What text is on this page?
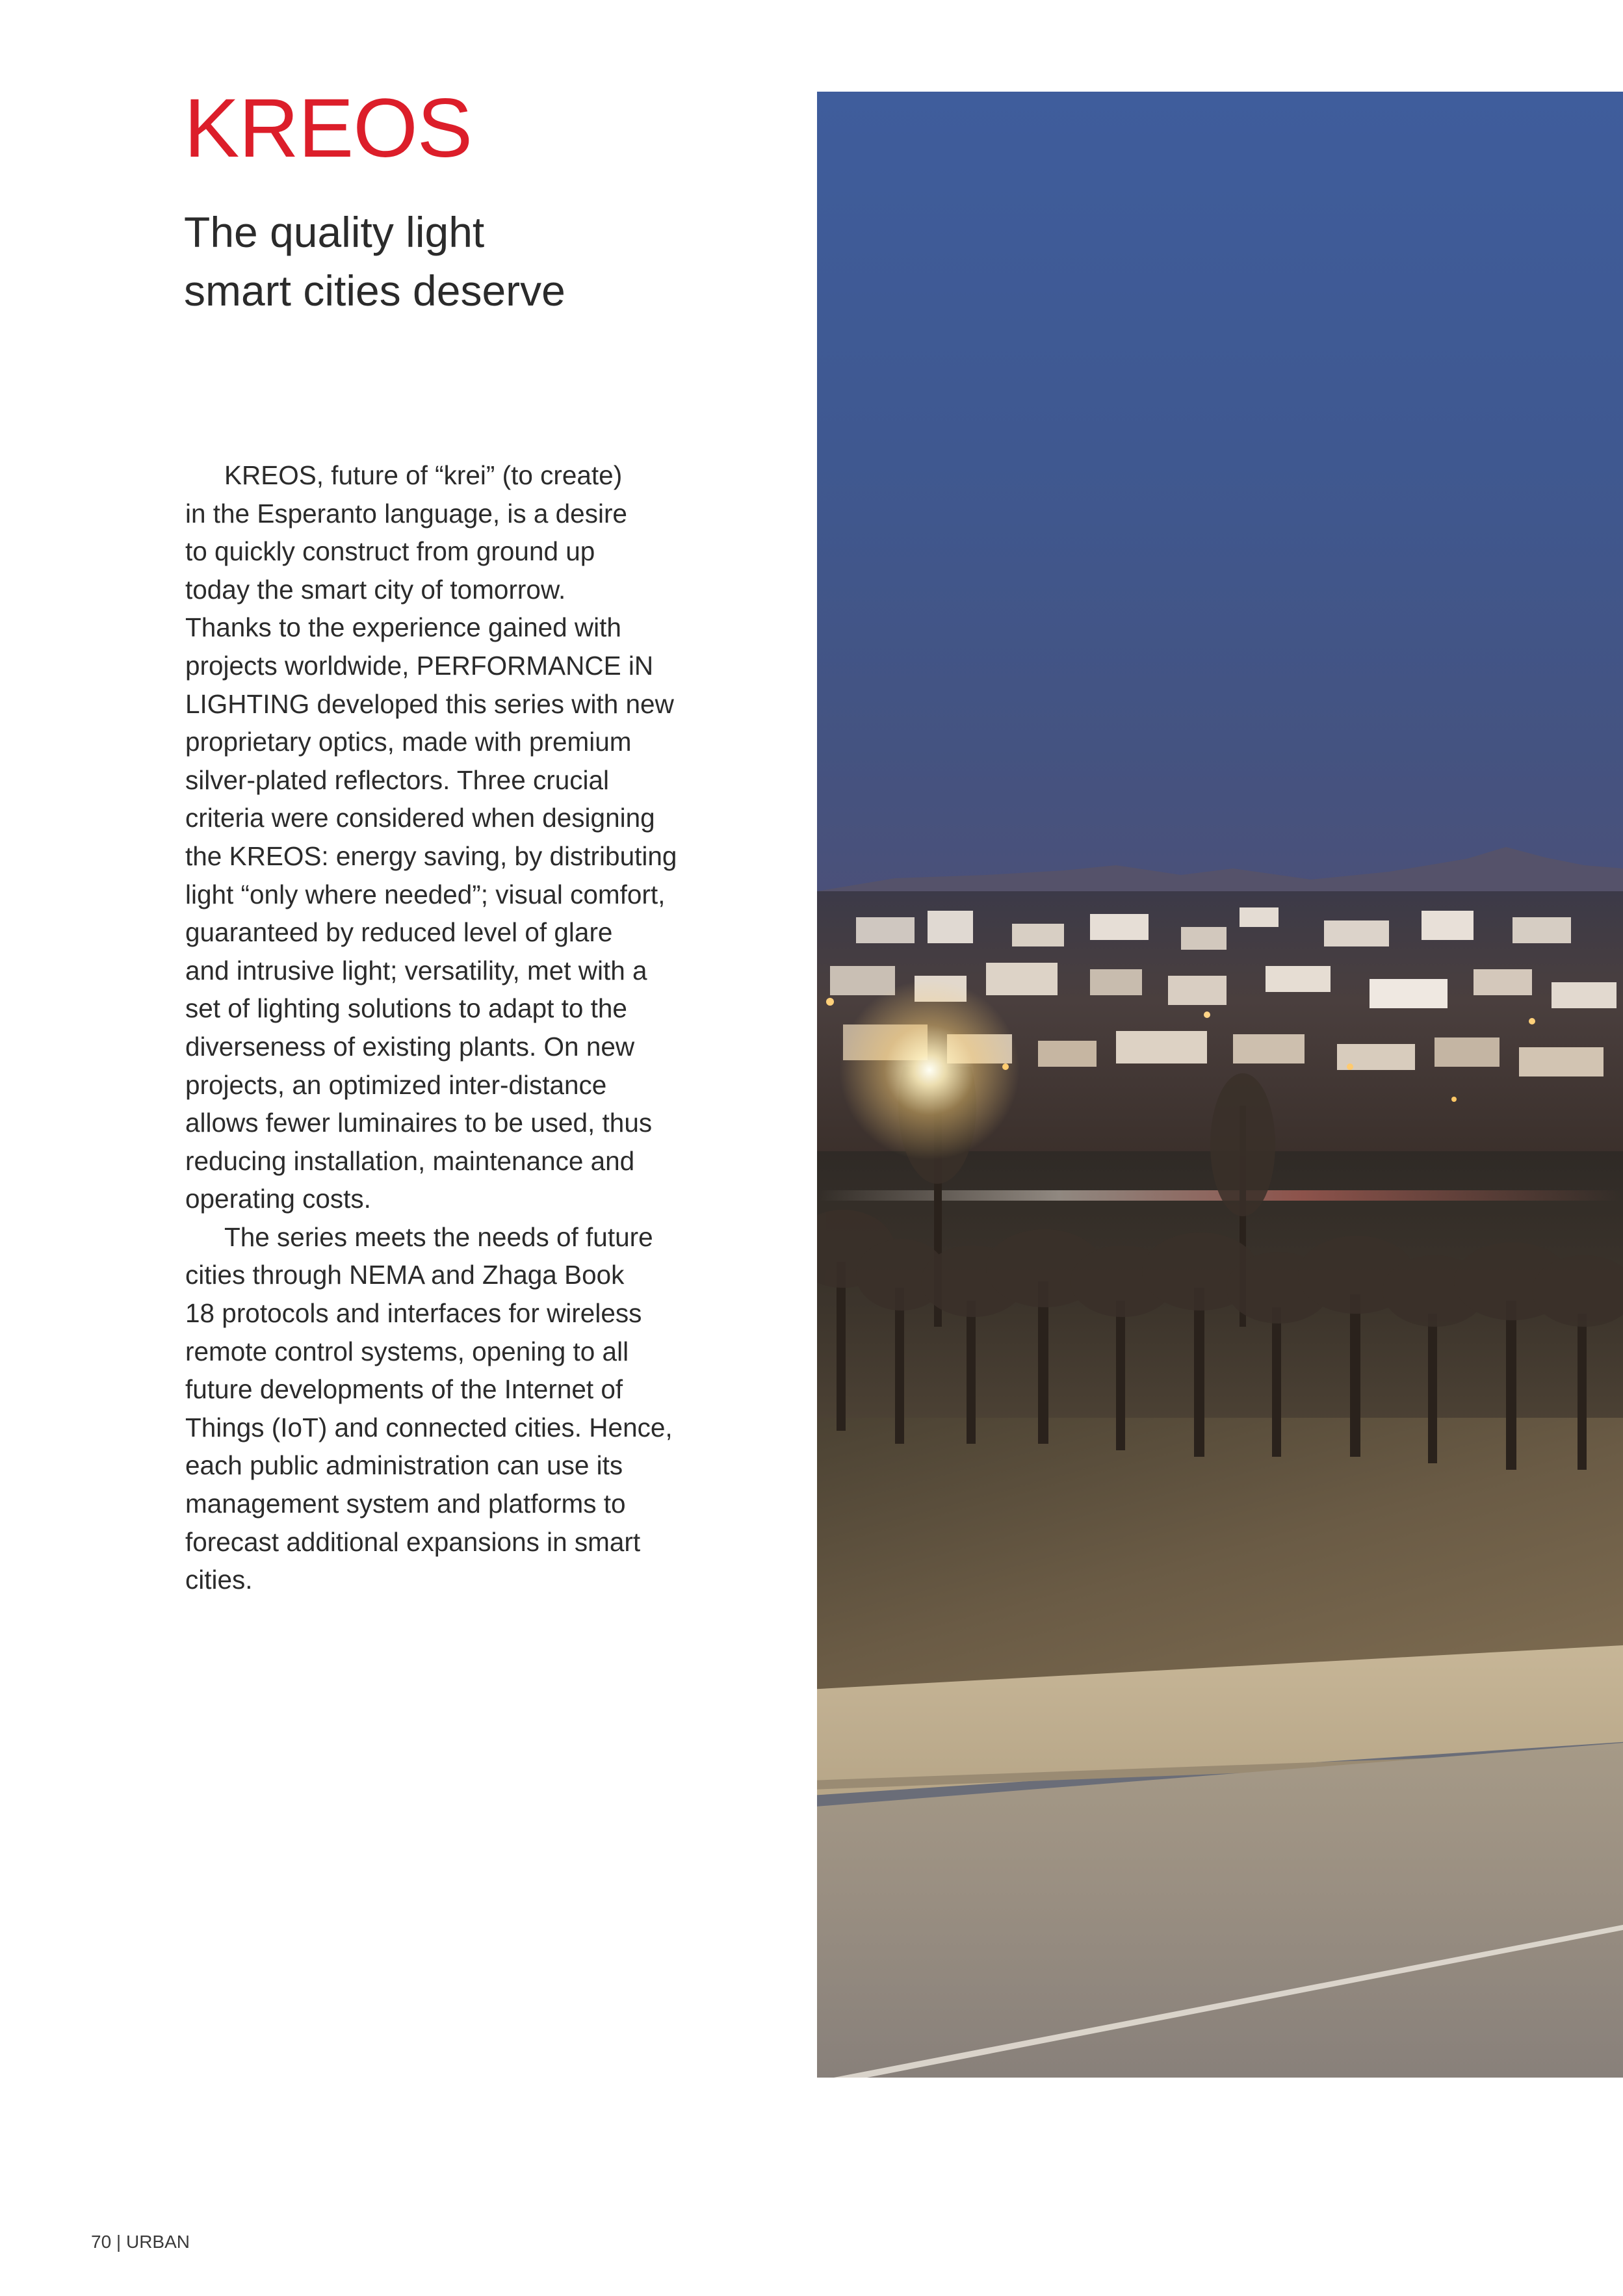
KREOS
The quality light
smart cities deserve

KREOS, future of “krei” (to create)
in the Esperanto language, is a desire
to quickly construct from ground up
today the smart city of tomorrow.
Thanks to the experience gained with
projects worldwide, PERFORMANCE iN
LIGHTING developed this series with new
proprietary optics, made with premium
silver-plated reflectors. Three crucial
criteria were considered when designing
the KREOS: energy saving, by distributing
light “only where needed”; visual comfort,
guaranteed by reduced level of glare
and intrusive light; versatility, met with a
set of lighting solutions to adapt to the
diverseness of existing plants. On new
projects, an optimized inter-distance
allows fewer luminaires to be used, thus
reducing installation, maintenance and
operating costs.

The series meets the needs of future
cities through NEMA and Zhaga Book
18 protocols and interfaces for wireless
remote control systems, opening to all
future developments of the Internet of
Things (IoT) and connected cities. Hence,
each public administration can use its
management system and platforms to
forecast additional expansions in smart
cities.

70 | URBAN
